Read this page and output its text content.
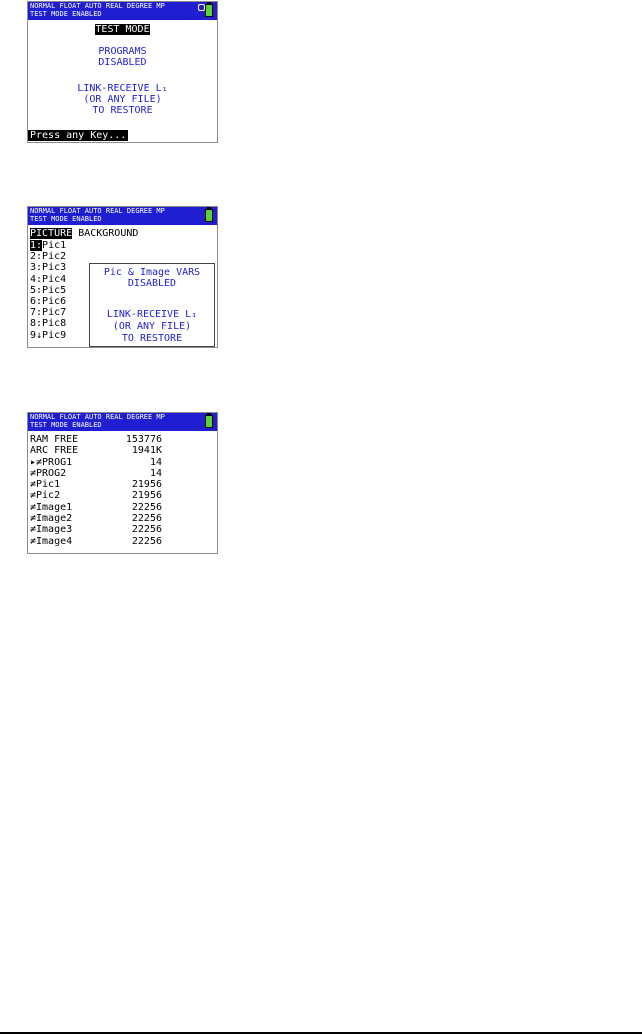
NORMAL FLOAT AUTO REAL DEGREE MP
TEST MODE ENABLED
TEST MODE
PROGRAMS
DISABLED
LINK-RECEIVE L₁
(OR ANY FILE)
TO RESTORE
Press any Key...
NORMAL FLOAT AUTO REAL DEGREE MP
TEST MODE ENABLED
PICTURE BACKGROUND
1:Pic1
2:Pic2
3:Pic3
4:Pic4
5:Pic5
6:Pic6
7:Pic7
8:Pic8
9↓Pic9
Pic & Image VARS
DISABLED
LINK-RECEIVE L₁
(OR ANY FILE)
TO RESTORE
NORMAL FLOAT AUTO REAL DEGREE MP
TEST MODE ENABLED
RAM FREE	153776
ARC FREE	1941K
▸≠PROG1	14
≠PROG2	14
≠Pic1	21956
≠Pic2	21956
≠Image1	22256
≠Image2	22256
≠Image3	22256
≠Image4	22256
